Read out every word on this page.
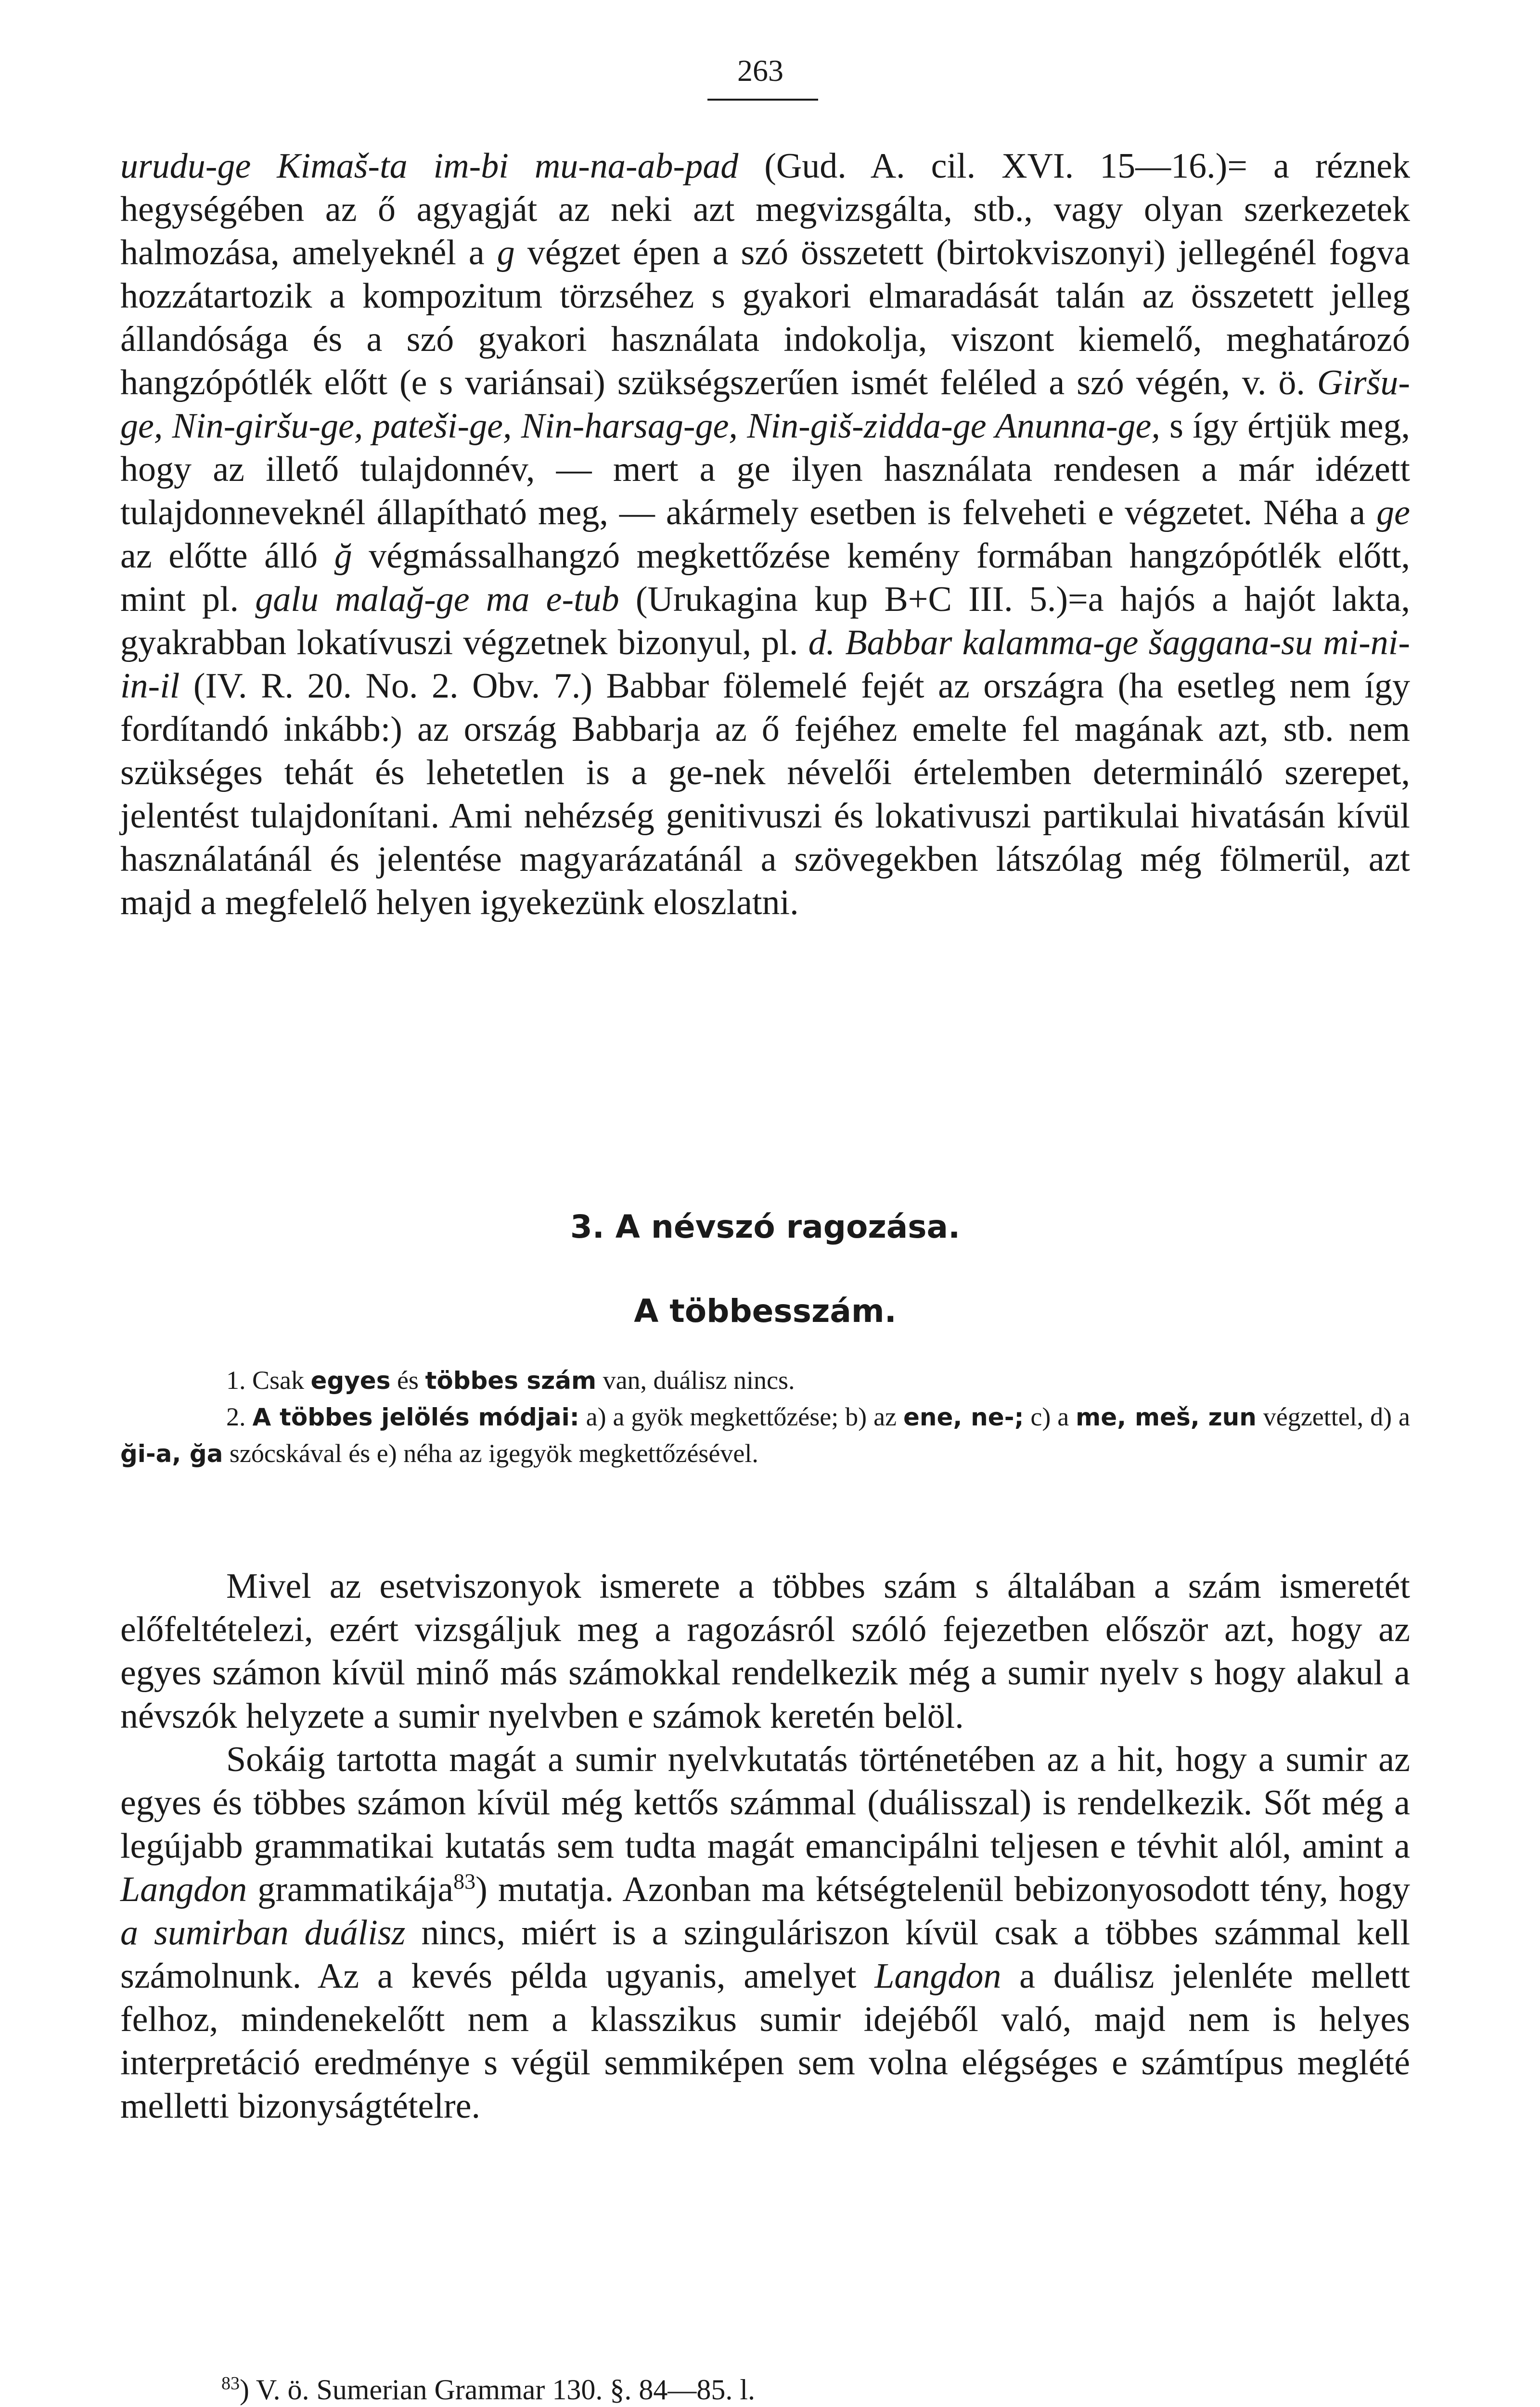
263

urudu-ge Kimaš-ta im-bi mu-na-ab-pad (Gud. A. cil. XVI. 15—16.)= a réznek hegységében az ő agyagját az neki azt megvizsgálta, stb., vagy olyan szerkezetek halmozása, amelyeknél a g végzet épen a szó összetett (birtokviszonyi) jellegénél fogva hozzátartozik a kompozitum törzséhez s gyakori elmaradását talán az összetett jelleg állandósága és a szó gyakori használata indokolja, viszont kiemelő, meghatározó hangzópótlék előtt (e s variánsai) szükségszerűen ismét feléled a szó végén, v. ö. Giršu-ge, Nin-giršu-ge, pateši-ge, Nin-harsag-ge, Nin-giš-zidda-ge Anunna-ge, s így értjük meg, hogy az illető tulajdonnév, — mert a ge ilyen használata rendesen a már idézett tulajdonneveknél állapítható meg, — akármely esetben is felveheti e végzetet. Néha a ge az előtte álló ğ végmássalhangzó megkettőzése kemény formában hangzópótlék előtt, mint pl. galu malağ-ge ma e-tub (Urukagina kup B+C III. 5.)=a hajós a hajót lakta, gyakrabban lokatívuszi végzetnek bizonyul, pl. d. Babbar kalamma-ge šaggana-su mi-ni-in-il (IV. R. 20. No. 2. Obv. 7.) Babbar fölemelé fejét az országra (ha esetleg nem így fordítandó inkább:) az ország Babbarja az ő fejéhez emelte fel magának azt, stb. nem szükséges tehát és lehetetlen is a ge-nek névelői értelemben determináló szerepet, jelentést tulajdonítani. Ami nehézség genitivuszi és lokativuszi partikulai hivatásán kívül használatánál és jelentése magyarázatánál a szövegekben látszólag még fölmerül, azt majd a megfelelő helyen igyekezünk eloszlatni.

3. A névszó ragozása.
A többesszám.

1. Csak egyes és többes szám van, duálisz nincs.

2. A többes jelölés módjai: a) a gyök megkettőzése; b) az ene, ne-; c) a me, meš, zun végzettel, d) a ği-a, ğa szócskával és e) néha az igegyök megkettőzésével.

Mivel az esetviszonyok ismerete a többes szám s általában a szám ismeretét előfeltételezi, ezért vizsgáljuk meg a ragozásról szóló fejezetben először azt, hogy az egyes számon kívül minő más számokkal rendelkezik még a sumir nyelv s hogy alakul a névszók helyzete a sumir nyelvben e számok keretén belöl.

Sokáig tartotta magát a sumir nyelvkutatás történetében az a hit, hogy a sumir az egyes és többes számon kívül még kettős számmal (duálisszal) is rendelkezik. Sőt még a legújabb grammatikai kutatás sem tudta magát emancipálni teljesen e tévhit alól, amint a Langdon grammatikája$^{83}$) mutatja. Azonban ma kétségtelenül bebizonyosodott tény, hogy a sumirban duálisz nincs, miért is a szinguláriszon kívül csak a többes számmal kell számolnunk. Az a kevés példa ugyanis, amelyet Langdon a duálisz jelenléte mellett felhoz, mindenekelőtt nem a klasszikus sumir idejéből való, majd nem is helyes interpretáció eredménye s végül semmiképen sem volna elégséges e számtípus meglété melletti bizonyságtételre.

$^{83}$) V. ö. Sumerian Grammar 130. §. 84—85. l.
